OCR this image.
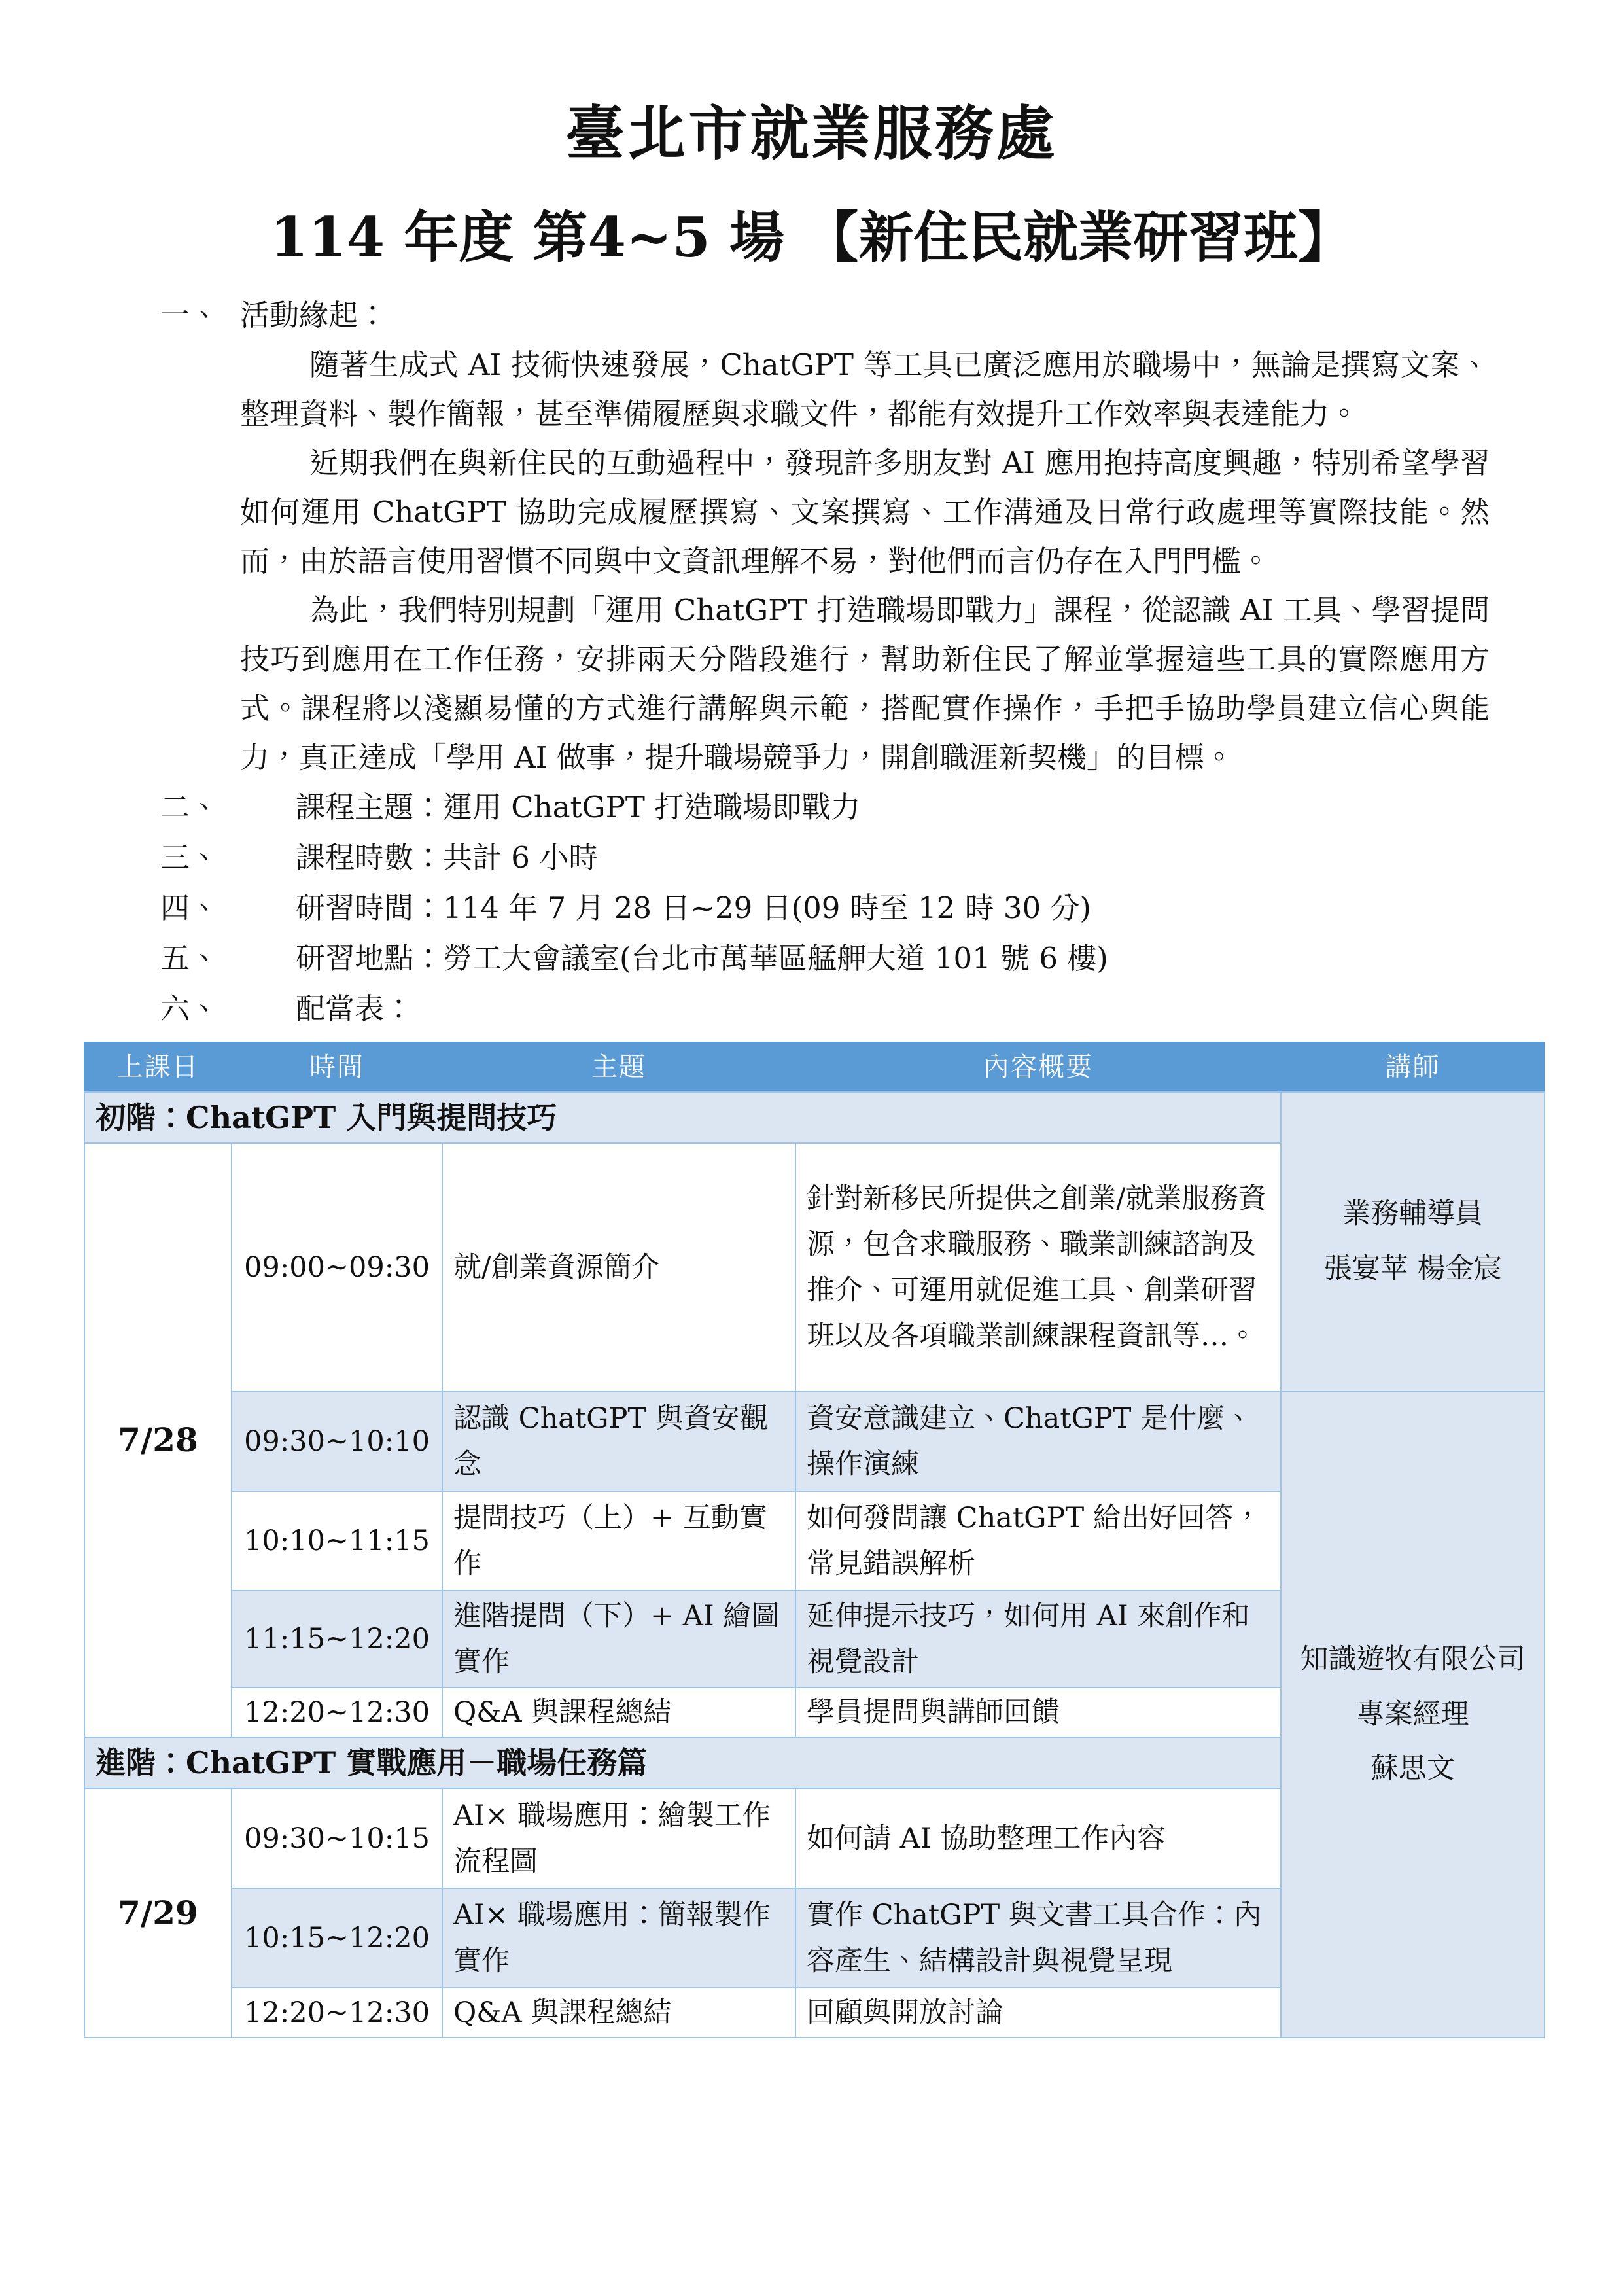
臺北市就業服務處
114 年度 第4~5 場 【新住民就業研習班】
一、 活動緣起：

隨著生成式 AI 技術快速發展，ChatGPT 等工具已廣泛應用於職場中，無論是撰寫文案、整理資料、製作簡報，甚至準備履歷與求職文件，都能有效提升工作效率與表達能力。

近期我們在與新住民的互動過程中，發現許多朋友對 AI 應用抱持高度興趣，特別希望學習如何運用 ChatGPT 協助完成履歷撰寫、文案撰寫、工作溝通及日常行政處理等實際技能。然而，由於語言使用習慣不同與中文資訊理解不易，對他們而言仍存在入門門檻。

為此，我們特別規劃「運用 ChatGPT 打造職場即戰力」課程，從認識 AI 工具、學習提問技巧到應用在工作任務，安排兩天分階段進行，幫助新住民了解並掌握這些工具的實際應用方式。課程將以淺顯易懂的方式進行講解與示範，搭配實作操作，手把手協助學員建立信心與能力，真正達成「學用 AI 做事，提升職場競爭力，開創職涯新契機」的目標。

二、	課程主題：運用 ChatGPT 打造職場即戰力
三、	課程時數：共計 6 小時
四、	研習時間：114 年 7 月 28 日~29 日(09 時至 12 時 30 分)
五、	研習地點：勞工大會議室(台北市萬華區艋舺大道 101 號 6 樓)
六、	配當表：
上課日	時間	主題	內容概要	講師
初階：ChatGPT 入門與提問技巧				業務輔導員
張宴苹 楊金宸

7/28	09:00~09:30	就/創業資源簡介	針對新移民所提供之創業/就業服務資源，包含求職服務、職業訓練諮詢及推介、可運用就促進工具、創業研習班以及各項職業訓練課程資訊等…。	
	09:30~10:10	認識 ChatGPT 與資安觀念	資安意識建立、ChatGPT 是什麼、操作演練	知識遊牧有限公司
專案經理
蘇思文

	10:10~11:15	提問技巧（上）+ 互動實作	如何發問讓 ChatGPT 給出好回答，常見錯誤解析	
	11:15~12:20	進階提問（下）+ AI 繪圖實作	延伸提示技巧，如何用 AI 來創作和視覺設計	
	12:20~12:30	Q&A 與課程總結	學員提問與講師回饋	
進階：ChatGPT 實戰應用－職場任務篇				
7/29	09:30~10:15	AI× 職場應用：繪製工作流程圖	如何請 AI 協助整理工作內容	
	10:15~12:20	AI× 職場應用：簡報製作實作	實作 ChatGPT 與文書工具合作：內容產生、結構設計與視覺呈現	
	12:20~12:30	Q&A 與課程總結	回顧與開放討論	
